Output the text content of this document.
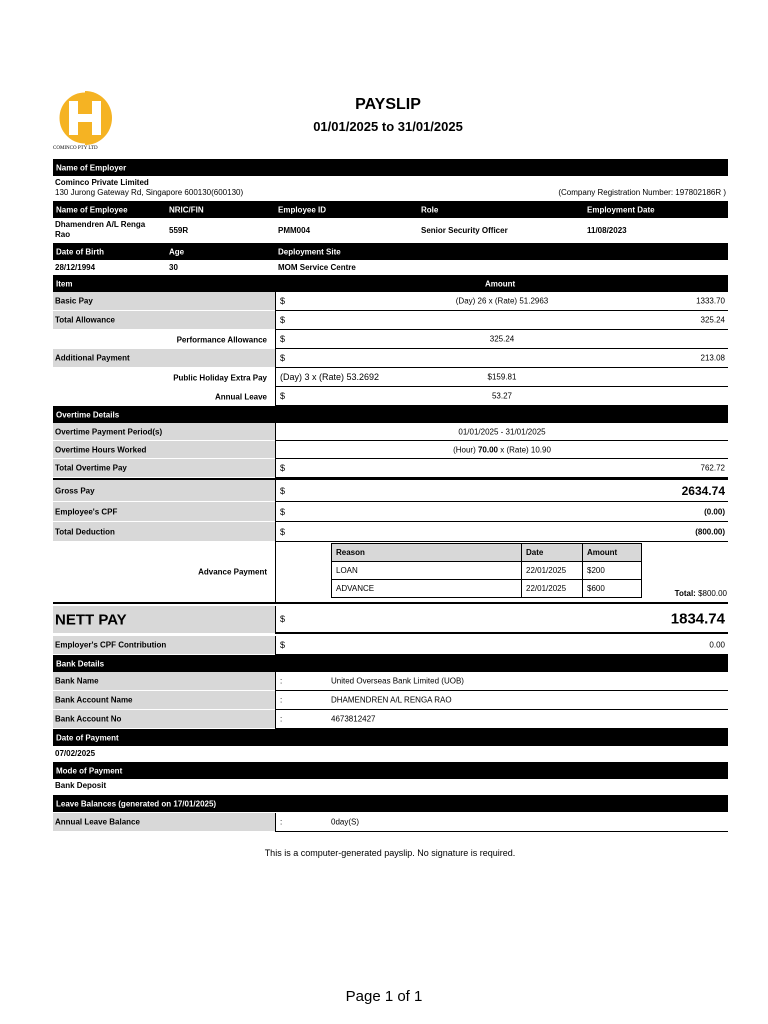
COMINCO PTY LTD
PAYSLIP
01/01/2025 to 31/01/2025
Name of Employer
Cominco Private Limited
130 Jurong Gateway Rd, Singapore 600130(600130)	(Company Registration Number: 197802186R )
Name of Employee	NRIC/FIN	Employee ID	Role	Employment Date
Dhamendren A/L Renga Rao	559R	PMM004	Senior Security Officer	11/08/2023
Date of Birth	Age	Deployment Site
28/12/1994	30	MOM Service Centre
Item	Amount
Basic Pay	$	(Day) 26 x (Rate) 51.2963	1333.70
Total Allowance	$	325.24
Performance Allowance $	325.24
Additional Payment	$	213.08
Public Holiday Extra Pay (Day) 3 x (Rate) 53.2692	$159.81
Annual Leave $	53.27
Overtime Details
Overtime Payment Period(s)	01/01/2025 - 31/01/2025
Overtime Hours Worked	(Hour) 70.00 x (Rate) 10.90
Total Overtime Pay	$	762.72
Gross Pay	$	2634.74
Employee's CPF	$	(0.00)
Total Deduction	$	(800.00)
Advance Payment
Total: $800.00
Reason	Date	Amount
LOAN	22/01/2025	$200
ADVANCE	22/01/2025	$600
NETT PAY	$	1834.74
Employer's CPF Contribution	$	0.00
Bank Details
Bank Name	:	United Overseas Bank Limited (UOB)
Bank Account Name	:	DHAMENDREN A/L RENGA RAO
Bank Account No	:	4673812427
Date of Payment
07/02/2025
Mode of Payment
Bank Deposit
Leave Balances (generated on 17/01/2025)
Annual Leave Balance	:	0day(S)
This is a computer-generated payslip. No signature is required.
Page 1 of 1
